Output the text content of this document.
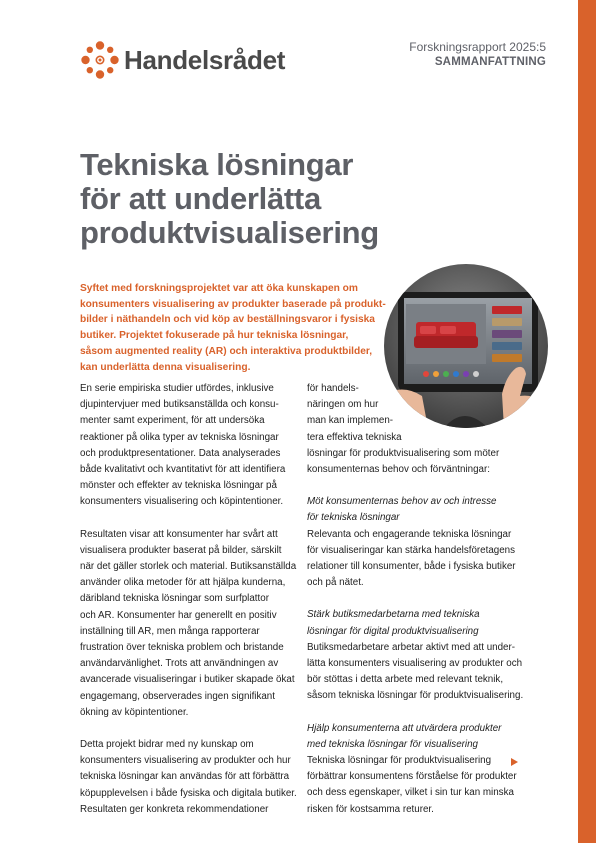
Handelsrådet	Forskningsrapport 2025:5
SAMMANFATTNING
Tekniska lösningar
för att underlätta
produktvisualisering
Syftet med forskningsprojektet var att öka kunskapen om
konsumenters visualisering av produkter baserade på produkt-
bilder i näthandeln och vid köp av beställningsvaror i fysiska
butiker. Projektet fokuserade på hur tekniska lösningar,
såsom augmented reality (AR) och interaktiva produktbilder,
kan underlätta denna visualisering.
En serie empiriska studier utfördes, inklusive
djupintervjuer med butiksanställda och konsu-
menter samt experiment, för att undersöka
reaktioner på olika typer av tekniska lösningar
och produktpresentationer. Data analyserades
både kvalitativt och kvantitativt för att identifiera
mönster och effekter av tekniska lösningar på
konsumenters visualisering och köpintentioner.
Resultaten visar att konsumenter har svårt att
visualisera produkter baserat på bilder, särskilt
när det gäller storlek och material. Butiksanställda
använder olika metoder för att hjälpa kunderna,
däribland tekniska lösningar som surfplattor
och AR. Konsumenter har generellt en positiv
inställning till AR, men många rapporterar
frustration över tekniska problem och bristande
användarvänlighet. Trots att användningen av
avancerade visualiseringar i butiker skapade ökat
engagemang, observerades ingen signifikant
ökning av köpintentioner.
Detta projekt bidrar med ny kunskap om
konsumenters visualisering av produkter och hur
tekniska lösningar kan användas för att förbättra
köpupplevelsen i både fysiska och digitala butiker.
Resultaten ger konkreta rekommendationer
för handels-
näringen om hur
man kan implemen-
tera effektiva tekniska
lösningar för produktvisualisering som möter
konsumenternas behov och förväntningar:
Möt konsumenternas behov av och intresse
för tekniska lösningar
Relevanta och engagerande tekniska lösningar
för visualiseringar kan stärka handelsföretagens
relationer till konsumenter, både i fysiska butiker
och på nätet.
Stärk butiksmedarbetarna med tekniska
lösningar för digital produktvisualisering
Butiksmedarbetare arbetar aktivt med att under-
lätta konsumenters visualisering av produkter och
bör stöttas i detta arbete med relevant teknik,
såsom tekniska lösningar för produktvisualisering.
Hjälp konsumenterna att utvärdera produkter
med tekniska lösningar för visualisering
Tekniska lösningar för produktvisualisering
förbättrar konsumentens förståelse för produkter
och dess egenskaper, vilket i sin tur kan minska
risken för kostsamma returer.
